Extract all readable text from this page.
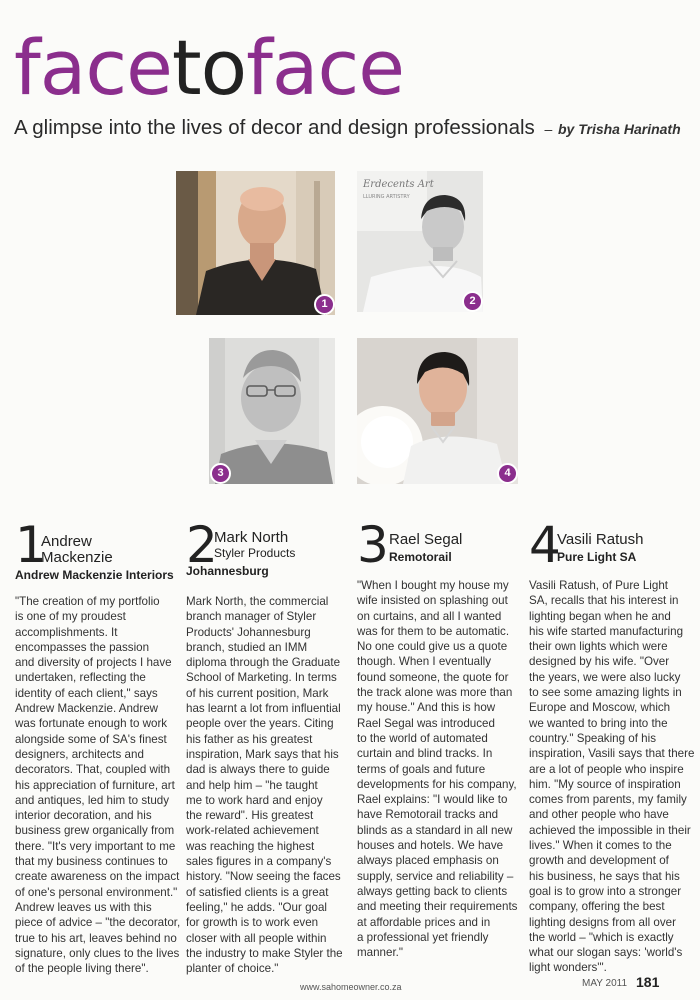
facetoface

A glimpse into the lives of decor and design professionals – by Trisha Harinath

1
Erdecents Art
LLURING ARTISTRY
2
3	4
1
Andrew
Mackenzie
Andrew Mackenzie Interiors
"The creation of my portfolio
is one of my proudest
accomplishments. It
encompasses the passion
and diversity of projects I have
undertaken, reflecting the
identity of each client," says
Andrew Mackenzie. Andrew
was fortunate enough to work
alongside some of SA's finest
designers, architects and
decorators. That, coupled with
his appreciation of furniture, art
and antiques, led him to study
interior decoration, and his
business grew organically from
there. "It's very important to me
that my business continues to
create awareness on the impact
of one's personal environment."
Andrew leaves us with this
piece of advice – "the decorator,
true to his art, leaves behind no
signature, only clues to the lives
of the people living there".
2
Mark North
Styler Products
Johannesburg
Mark North, the commercial
branch manager of Styler
Products' Johannesburg
branch, studied an IMM
diploma through the Graduate
School of Marketing. In terms
of his current position, Mark
has learnt a lot from influential
people over the years. Citing
his father as his greatest
inspiration, Mark says that his
dad is always there to guide
and help him – "he taught
me to work hard and enjoy
the reward". His greatest
work-related achievement
was reaching the highest
sales figures in a company's
history. "Now seeing the faces
of satisfied clients is a great
feeling," he adds. "Our goal
for growth is to work even
closer with all people within
the industry to make Styler the
planter of choice."
3 Rael Segal
Remotorail
"When I bought my house my
wife insisted on splashing out
on curtains, and all I wanted
was for them to be automatic.
No one could give us a quote
though. When I eventually
found someone, the quote for
the track alone was more than
my house." And this is how
Rael Segal was introduced
to the world of automated
curtain and blind tracks. In
terms of goals and future
developments for his company,
Rael explains: "I would like to
have Remotorail tracks and
blinds as a standard in all new
houses and hotels. We have
always placed emphasis on
supply, service and reliability –
always getting back to clients
and meeting their requirements
at affordable prices and in
a professional yet friendly
manner."
4
Vasili Ratush
Pure Light SA
Vasili Ratush, of Pure Light
SA, recalls that his interest in
lighting began when he and
his wife started manufacturing
their own lights which were
designed by his wife. "Over
the years, we were also lucky
to see some amazing lights in
Europe and Moscow, which
we wanted to bring into the
country." Speaking of his
inspiration, Vasili says that there
are a lot of people who inspire
him. "My source of inspiration
comes from parents, my family
and other people who have
achieved the impossible in their
lives." When it comes to the
growth and development of
his business, he says that his
goal is to grow into a stronger
company, offering the best
lighting designs from all over
the world – "which is exactly
what our slogan says: 'world's
light wonders'".
www.sahomeowner.co.za	MAY 2011 181
